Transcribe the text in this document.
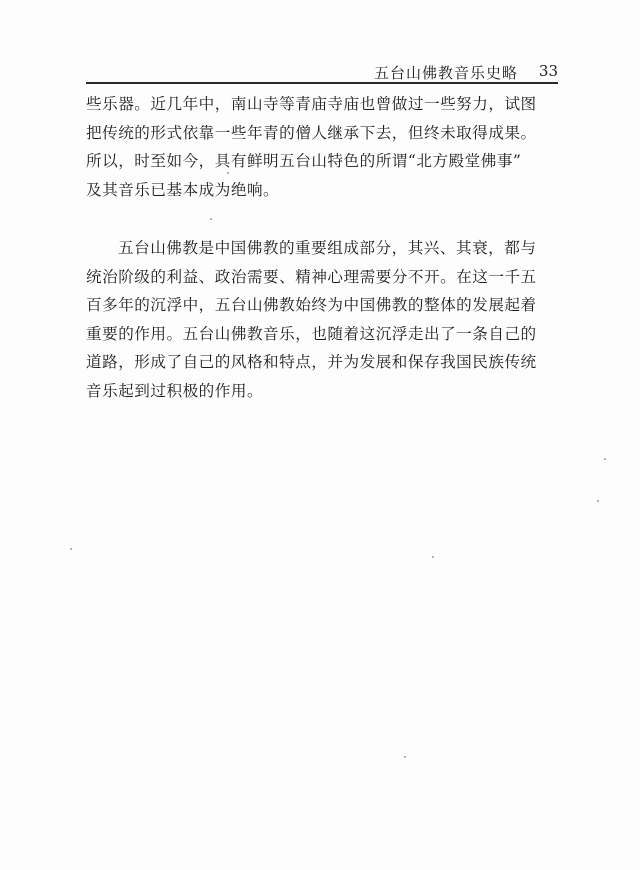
五台山佛教音乐史略 33
些乐器。近几年中，南山寺等青庙寺庙也曾做过一些努力，试图
把传统的形式依靠一些年青的僧人继承下去，但终未取得成果。
所以，时至如今，具有鲜明五台山特色的所谓“北方殿堂佛事”
及其音乐已基本成为绝响。
五台山佛教是中国佛教的重要组成部分，其兴、其衰，都与
统治阶级的利益、政治需要、精神心理需要分不开。在这一千五
百多年的沉浮中，五台山佛教始终为中国佛教的整体的发展起着
重要的作用。五台山佛教音乐，也随着这沉浮走出了一条自己的
道路，形成了自己的风格和特点，并为发展和保存我国民族传统
音乐起到过积极的作用。
